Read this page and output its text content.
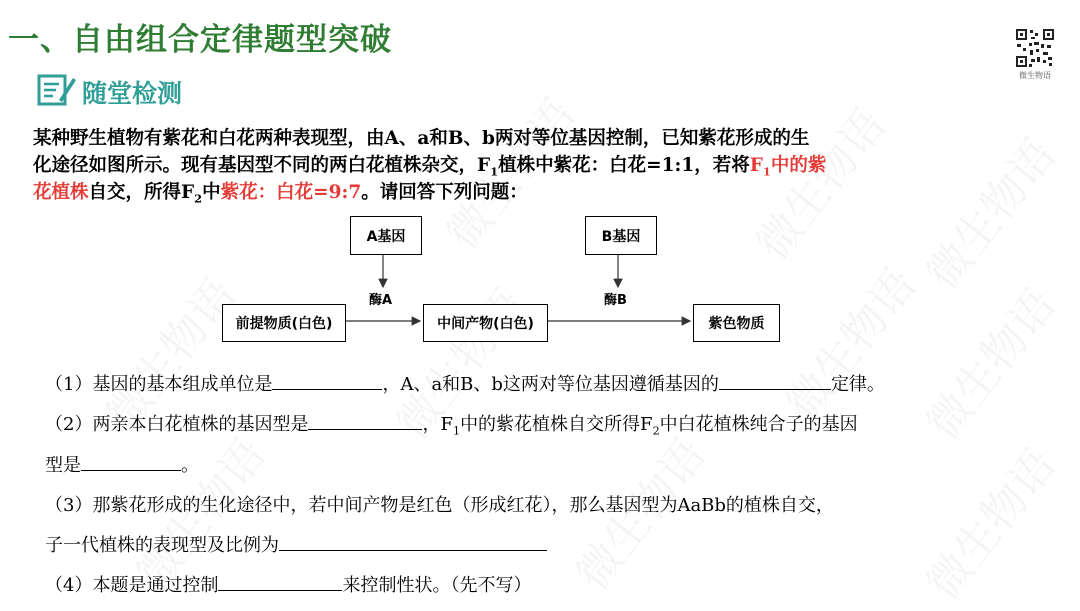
一、自由组合定律题型突破
微生物语
随堂检测
某种野生植物有紫花和白花两种表现型，由A、a和B、b两对等位基因控制，已知紫花形成的生
化途径如图所示。现有基因型不同的两白花植株杂交，$F_1$植株中紫花：白花=1:1，若将$F_1$中的紫
花植株自交，所得$F_2$中紫花：白花=9:7。请回答下列问题：
A基因	B基因
酶A	酶B
前提物质(白色)	中间产物(白色)	紫色物质
（1）基因的基本组成单位是	，A、a和B、b这两对等位基因遵循基因的	定律。
（2）两亲本白花植株的基因型是	，$F_1$中的紫花植株自交所得$F_2$中白花植株纯合子的基因
型是	。
（3）那紫花形成的生化途径中，若中间产物是红色（形成红花），那么基因型为AaBb的植株自交，
子一代植株的表现型及比例为
（4）本题是通过控制	来控制性状。（先不写）
